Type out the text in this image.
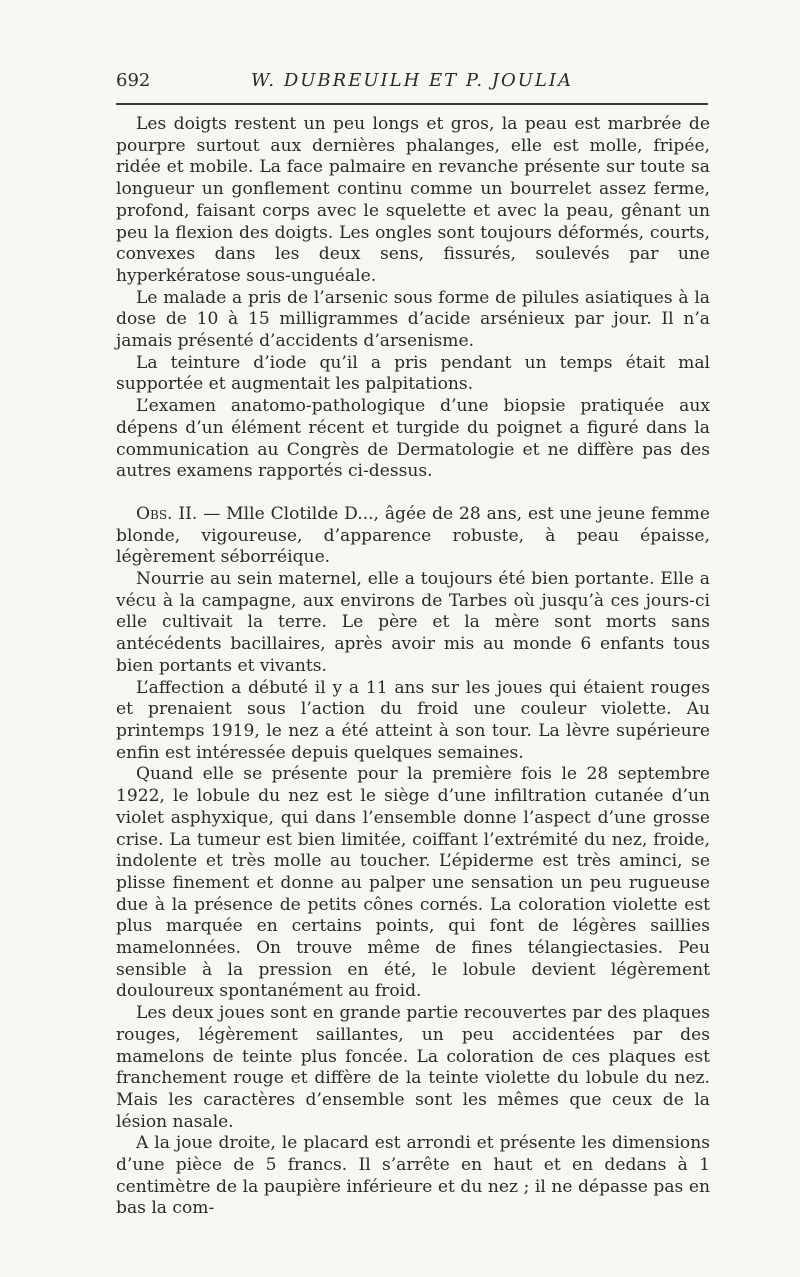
692	W. DUBREUILH ET P. JOULIA

Les doigts restent un peu longs et gros, la peau est marbrée de pourpre surtout aux dernières phalanges, elle est molle, fripée, ridée et mobile. La face palmaire en revanche présente sur toute sa longueur un gonflement continu comme un bourrelet assez ferme, profond, faisant corps avec le squelette et avec la peau, gênant un peu la flexion des doigts. Les ongles sont toujours déformés, courts, convexes dans les deux sens, fissurés, soulevés par une hyperkératose sous-unguéale.

Le malade a pris de l’arsenic sous forme de pilules asiatiques à la dose de 10 à 15 milligrammes d’acide arsénieux par jour. Il n’a jamais présenté d’accidents d’arsenisme.

La teinture d’iode qu’il a pris pendant un temps était mal supportée et augmentait les palpitations.

L’examen anatomo-pathologique d’une biopsie pratiquée aux dépens d’un élément récent et turgide du poignet a figuré dans la communication au Congrès de Dermatologie et ne diffère pas des autres examens rapportés ci-dessus.

Obs. II. — Mlle Clotilde D..., âgée de 28 ans, est une jeune femme blonde, vigoureuse, d’apparence robuste, à peau épaisse, légèrement séborréique.

Nourrie au sein maternel, elle a toujours été bien portante. Elle a vécu à la campagne, aux environs de Tarbes où jusqu’à ces jours-ci elle cultivait la terre. Le père et la mère sont morts sans antécédents bacillaires, après avoir mis au monde 6 enfants tous bien portants et vivants.

L’affection a débuté il y a 11 ans sur les joues qui étaient rouges et prenaient sous l’action du froid une couleur violette. Au printemps 1919, le nez a été atteint à son tour. La lèvre supérieure enfin est intéressée depuis quelques semaines.

Quand elle se présente pour la première fois le 28 septembre 1922, le lobule du nez est le siège d’une infiltration cutanée d’un violet asphyxique, qui dans l’ensemble donne l’aspect d’une grosse crise. La tumeur est bien limitée, coiffant l’extrémité du nez, froide, indolente et très molle au toucher. L’épiderme est très aminci, se plisse finement et donne au palper une sensation un peu rugueuse due à la présence de petits cônes cornés. La coloration violette est plus marquée en certains points, qui font de légères saillies mamelonnées. On trouve même de fines télangiectasies. Peu sensible à la pression en été, le lobule devient légèrement douloureux spontanément au froid.

Les deux joues sont en grande partie recouvertes par des plaques rouges, légèrement saillantes, un peu accidentées par des mamelons de teinte plus foncée. La coloration de ces plaques est franchement rouge et diffère de la teinte violette du lobule du nez. Mais les caractères d’ensemble sont les mêmes que ceux de la lésion nasale.

A la joue droite, le placard est arrondi et présente les dimensions d’une pièce de 5 francs. Il s’arrête en haut et en dedans à 1 centimètre de la paupière inférieure et du nez ; il ne dépasse pas en bas la com-
